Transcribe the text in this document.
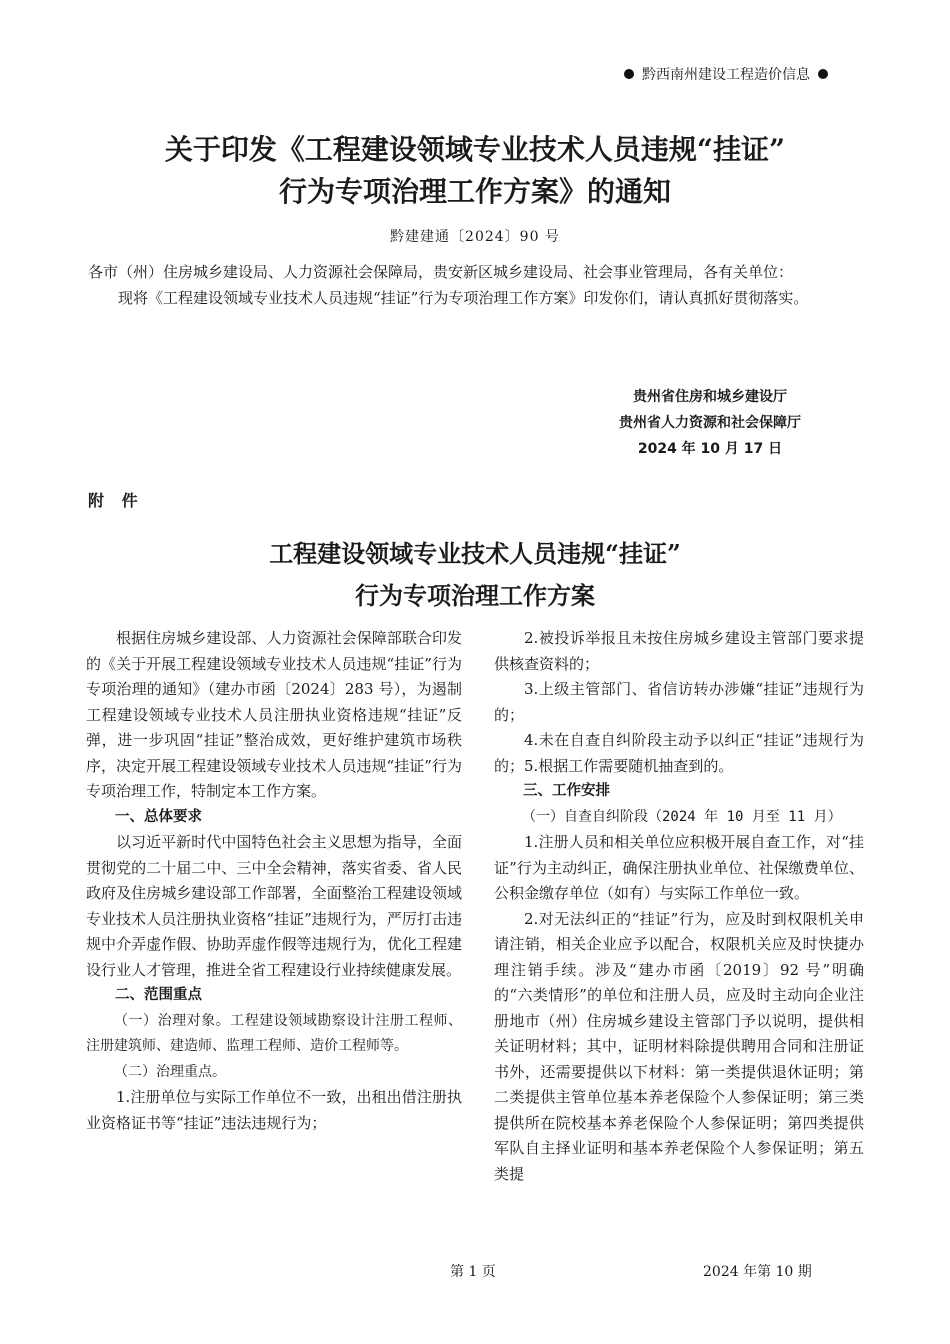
黔西南州建设工程造价信息
关于印发《工程建设领域专业技术人员违规“挂证”
行为专项治理工作方案》的通知
黔建建通〔2024〕90 号
各市（州）住房城乡建设局、人力资源社会保障局，贵安新区城乡建设局、社会事业管理局，各有关单位：
现将《工程建设领域专业技术人员违规“挂证”行为专项治理工作方案》印发你们，请认真抓好贯彻落实。
贵州省住房和城乡建设厅
贵州省人力资源和社会保障厅
2024 年 10 月 17 日
附 件
工程建设领域专业技术人员违规“挂证”
行为专项治理工作方案

根据住房城乡建设部、人力资源社会保障部联合印发的《关于开展工程建设领域专业技术人员违规“挂证”行为专项治理的通知》（建办市函〔2024〕283 号），为遏制工程建设领域专业技术人员注册执业资格违规“挂证”反弹，进一步巩固“挂证”整治成效，更好维护建筑市场秩序，决定开展工程建设领域专业技术人员违规“挂证”行为专项治理工作，特制定本工作方案。

一、总体要求

以习近平新时代中国特色社会主义思想为指导，全面贯彻党的二十届二中、三中全会精神，落实省委、省人民政府及住房城乡建设部工作部署，全面整治工程建设领域专业技术人员注册执业资格“挂证”违规行为，严厉打击违规中介弄虚作假、协助弄虚作假等违规行为，优化工程建设行业人才管理，推进全省工程建设行业持续健康发展。

二、范围重点

（一）治理对象。工程建设领域勘察设计注册工程师、注册建筑师、建造师、监理工程师、造价工程师等。

（二）治理重点。

1.注册单位与实际工作单位不一致，出租出借注册执业资格证书等“挂证”违法违规行为；

2.被投诉举报且未按住房城乡建设主管部门要求提供核查资料的；

3.上级主管部门、省信访转办涉嫌“挂证”违规行为的；

4.未在自查自纠阶段主动予以纠正“挂证”违规行为的；5.根据工作需要随机抽查到的。

三、工作安排

（一）自查自纠阶段（2024 年 10 月至 11 月）

1.注册人员和相关单位应积极开展自查工作，对“挂证”行为主动纠正，确保注册执业单位、社保缴费单位、公积金缴存单位（如有）与实际工作单位一致。

2.对无法纠正的“挂证”行为，应及时到权限机关申请注销，相关企业应予以配合，权限机关应及时快捷办理注销手续。涉及“建办市函〔2019〕92 号”明确的“六类情形”的单位和注册人员，应及时主动向企业注册地市（州）住房城乡建设主管部门予以说明，提供相关证明材料；其中，证明材料除提供聘用合同和注册证书外，还需要提供以下材料：第一类提供退休证明；第二类提供主管单位基本养老保险个人参保证明；第三类提供所在院校基本养老保险个人参保证明；第四类提供军队自主择业证明和基本养老保险个人参保证明；第五类提

第 1 页	2024 年第 10 期
